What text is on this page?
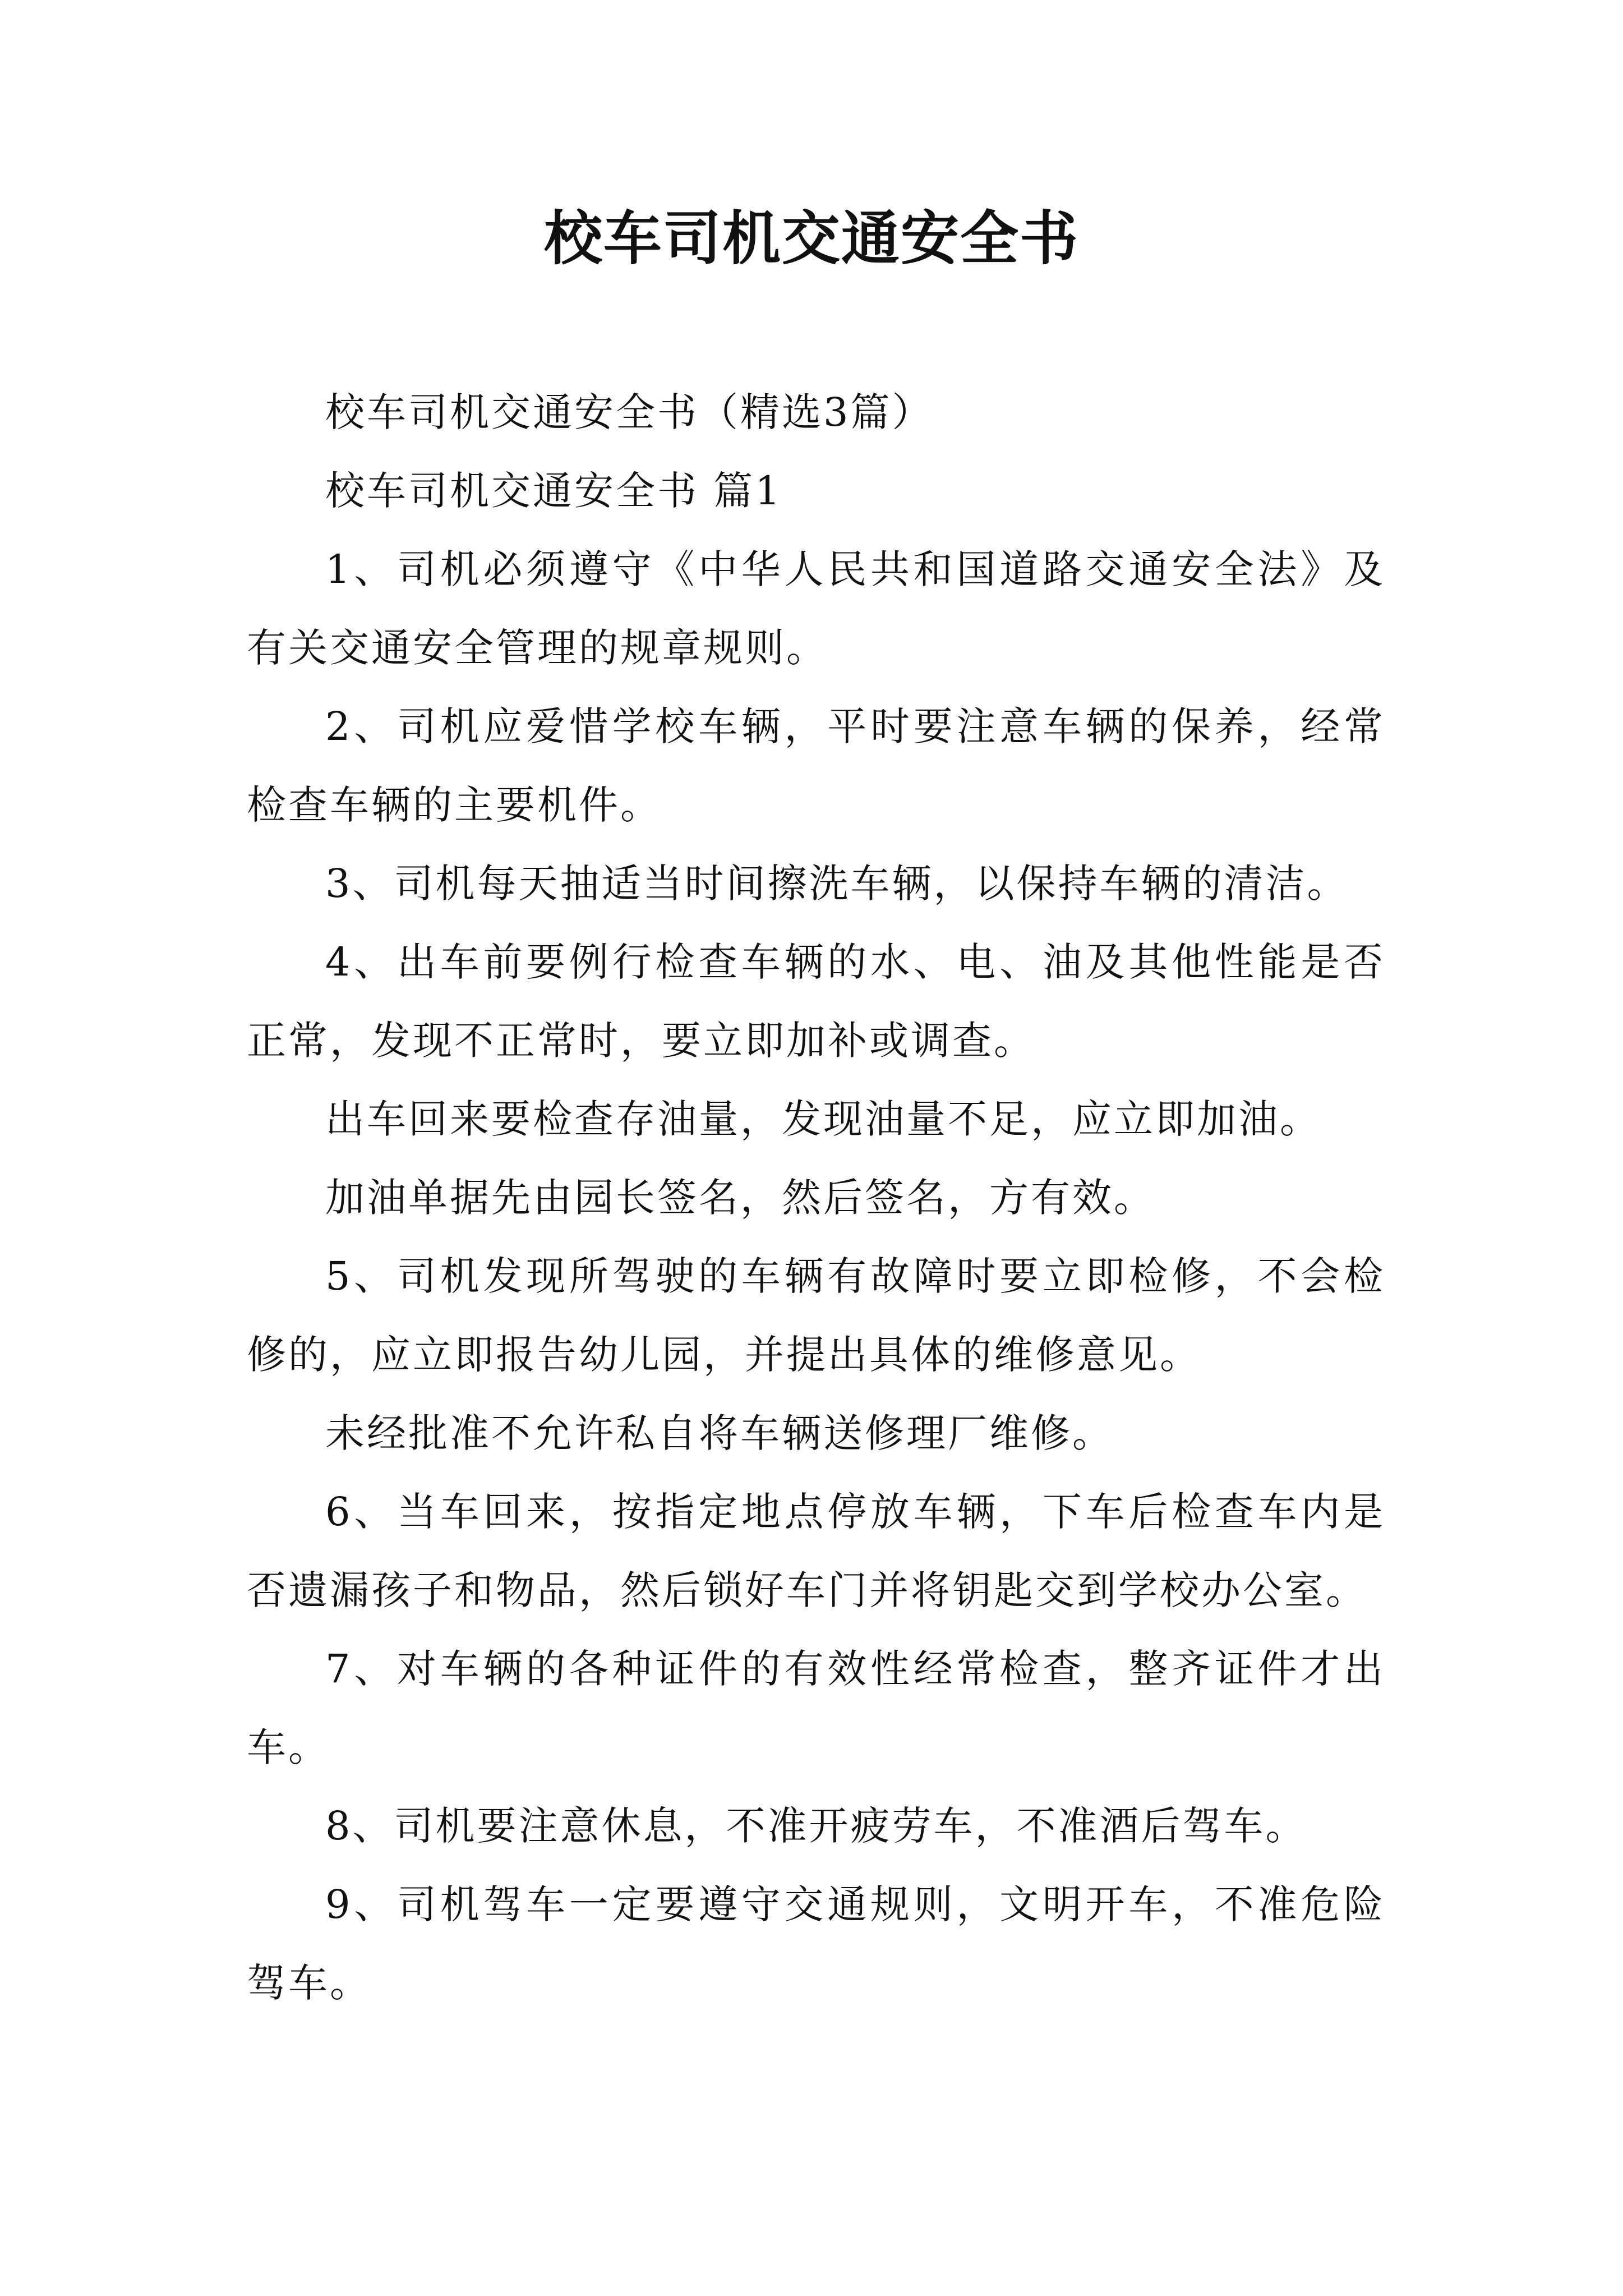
校车司机交通安全书

校车司机交通安全书（精选3篇）

校车司机交通安全书 篇1

1、司机必须遵守《中华人民共和国道路交通安全法》及有关交通安全管理的规章规则。

2、司机应爱惜学校车辆，平时要注意车辆的保养，经常检查车辆的主要机件。

3、司机每天抽适当时间擦洗车辆，以保持车辆的清洁。

4、出车前要例行检查车辆的水、电、油及其他性能是否正常，发现不正常时，要立即加补或调查。

出车回来要检查存油量，发现油量不足，应立即加油。

加油单据先由园长签名，然后签名，方有效。

5、司机发现所驾驶的车辆有故障时要立即检修，不会检修的，应立即报告幼儿园，并提出具体的维修意见。

未经批准不允许私自将车辆送修理厂维修。

6、当车回来，按指定地点停放车辆，下车后检查车内是否遗漏孩子和物品，然后锁好车门并将钥匙交到学校办公室。

7、对车辆的各种证件的有效性经常检查，整齐证件才出车。

8、司机要注意休息，不准开疲劳车，不准酒后驾车。

9、司机驾车一定要遵守交通规则，文明开车，不准危险驾车。
